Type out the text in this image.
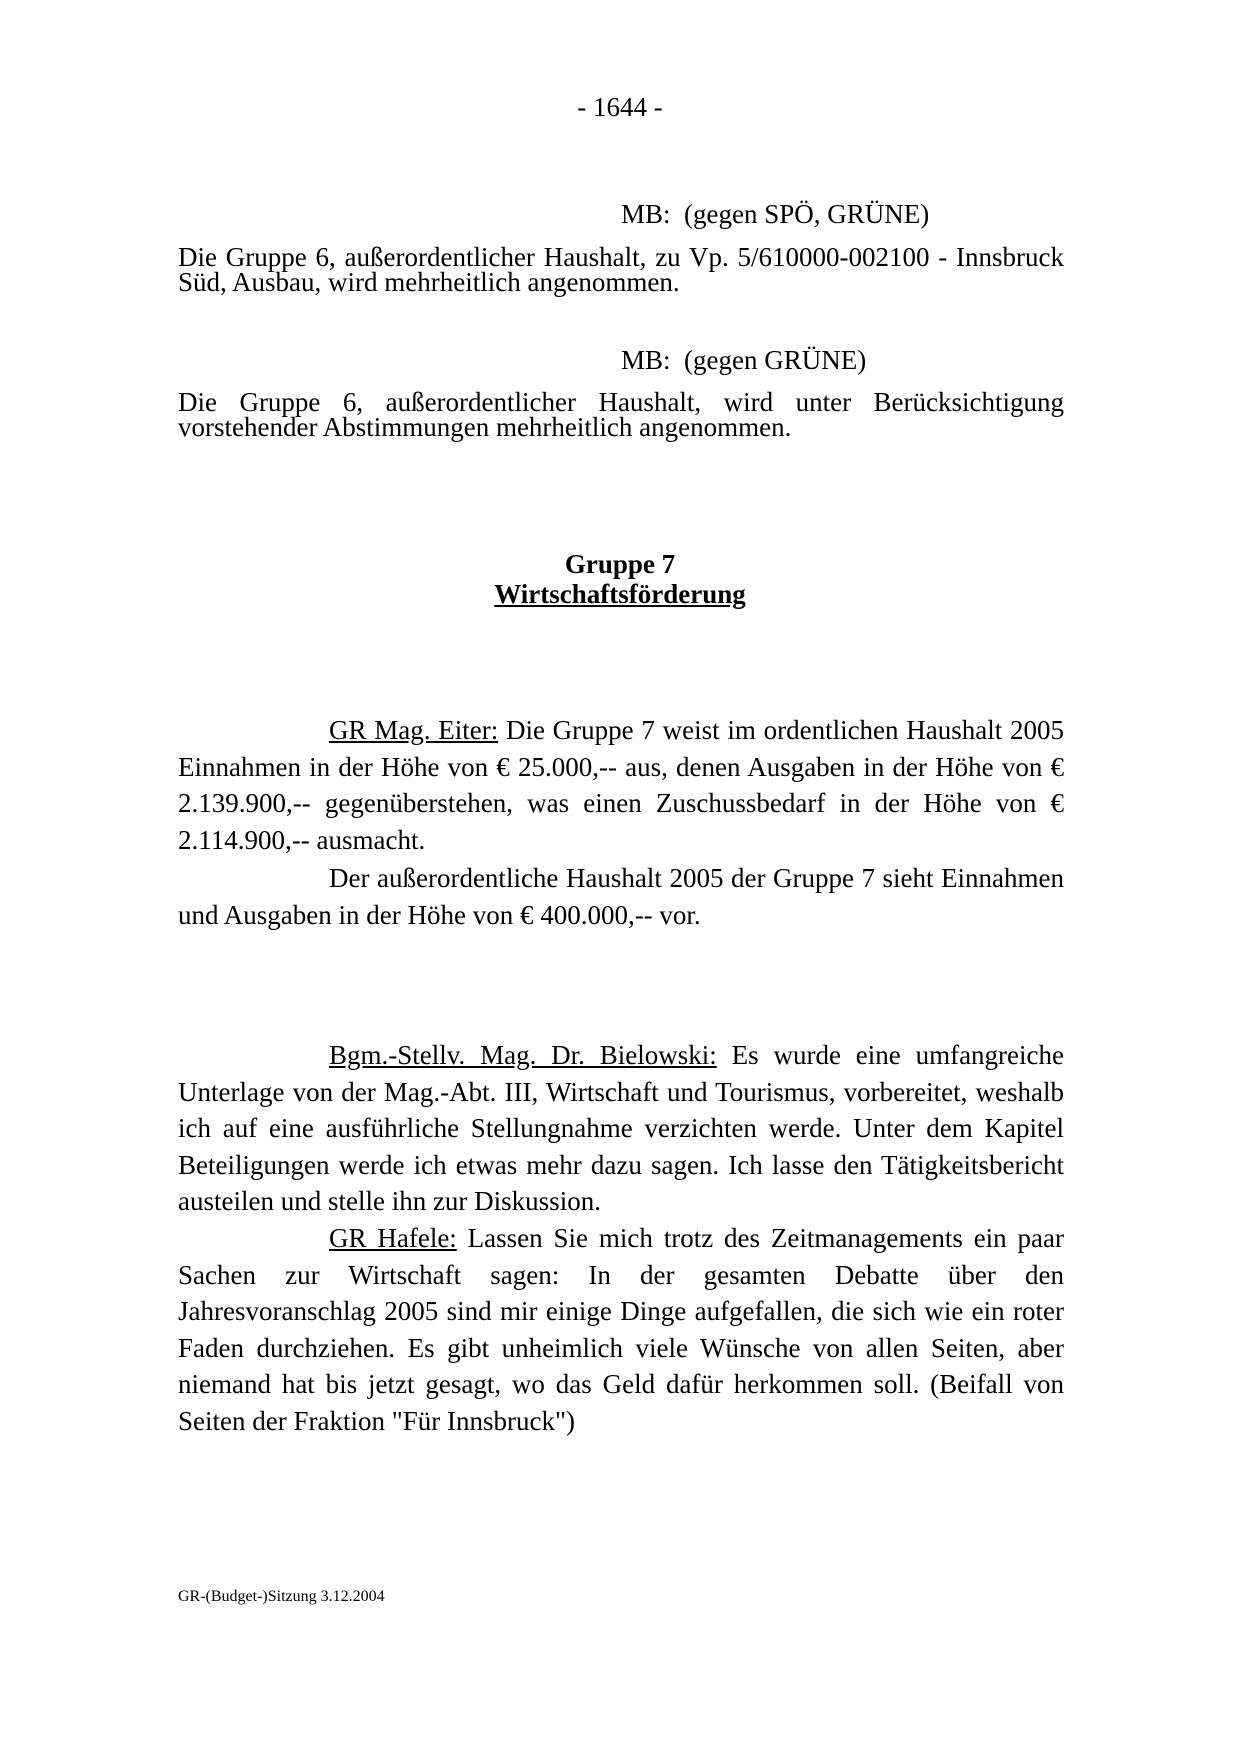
- 1644 -
MB: (gegen SPÖ, GRÜNE)
Die Gruppe 6, außerordentlicher Haushalt, zu Vp. 5/610000-002100 - Innsbruck Süd, Ausbau, wird mehrheitlich angenommen.
MB: (gegen GRÜNE)
Die Gruppe 6, außerordentlicher Haushalt, wird unter Berücksichtigung vorstehender Abstimmungen mehrheitlich angenommen.
Gruppe 7
Wirtschaftsförderung
GR Mag. Eiter: Die Gruppe 7 weist im ordentlichen Haushalt 2005 Einnahmen in der Höhe von € 25.000,-- aus, denen Ausgaben in der Höhe von € 2.139.900,-- gegenüberstehen, was einen Zuschussbedarf in der Höhe von € 2.114.900,-- ausmacht.
Der außerordentliche Haushalt 2005 der Gruppe 7 sieht Einnahmen und Ausgaben in der Höhe von € 400.000,-- vor.
Bgm.-Stellv. Mag. Dr. Bielowski: Es wurde eine umfangreiche Unterlage von der Mag.-Abt. III, Wirtschaft und Tourismus, vorbereitet, weshalb ich auf eine ausführliche Stellungnahme verzichten werde. Unter dem Kapitel Beteiligungen werde ich etwas mehr dazu sagen. Ich lasse den Tätigkeitsbericht austeilen und stelle ihn zur Diskussion.
GR Hafele: Lassen Sie mich trotz des Zeitmanagements ein paar Sachen zur Wirtschaft sagen: In der gesamten Debatte über den Jahresvoranschlag 2005 sind mir einige Dinge aufgefallen, die sich wie ein roter Faden durchziehen. Es gibt unheimlich viele Wünsche von allen Seiten, aber niemand hat bis jetzt gesagt, wo das Geld dafür herkommen soll. (Beifall von Seiten der Fraktion "Für Innsbruck")
GR-(Budget-)Sitzung 3.12.2004
